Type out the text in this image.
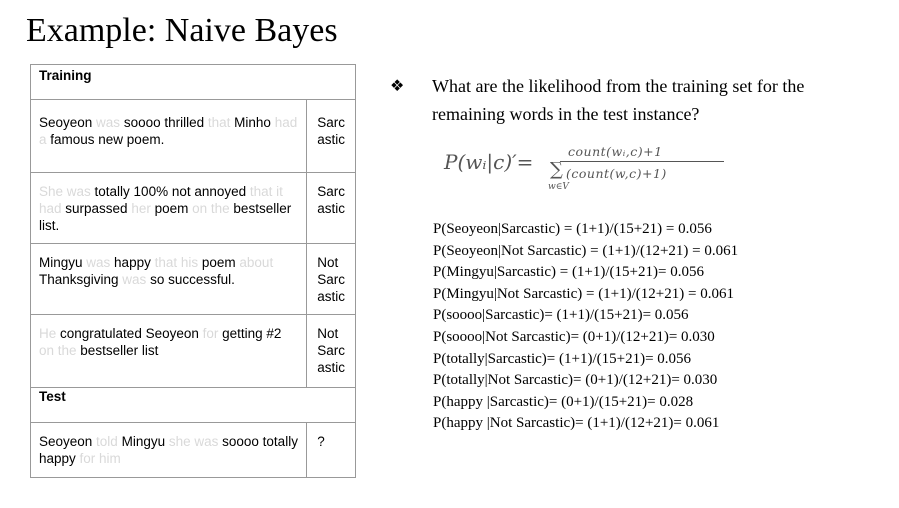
Example: Naive Bayes
Training	

Seoyeon was soooo thrilled that Minho had a famous new poem.	Sarc astic

She was totally 100% not annoyed that it had surpassed her poem on the bestseller list.	Sarc astic

Mingyu was happy that his poem about Thanksgiving was so successful.	Not Sarc astic

He congratulated Seoyeon for getting #2 on the bestseller list	Not Sarc astic

Test	

Seoyeon told Mingyu she was soooo totally happy for him	?
❖ What are the likelihood from the training set for the remaining words in the test instance?
P(wᵢ|c)′=	count(wᵢ,c)+1
∑ (count(w,c)+1)
w∈V
P(Seoyeon|Sarcastic) = (1+1)/(15+21) = 0.056
P(Seoyeon|Not Sarcastic) = (1+1)/(12+21) = 0.061
P(Mingyu|Sarcastic) = (1+1)/(15+21)= 0.056
P(Mingyu|Not Sarcastic) = (1+1)/(12+21) = 0.061
P(soooo|Sarcastic)= (1+1)/(15+21)= 0.056
P(soooo|Not Sarcastic)= (0+1)/(12+21)= 0.030
P(totally|Sarcastic)= (1+1)/(15+21)= 0.056
P(totally|Not Sarcastic)= (0+1)/(12+21)= 0.030
P(happy |Sarcastic)= (0+1)/(15+21)= 0.028
P(happy |Not Sarcastic)= (1+1)/(12+21)= 0.061
